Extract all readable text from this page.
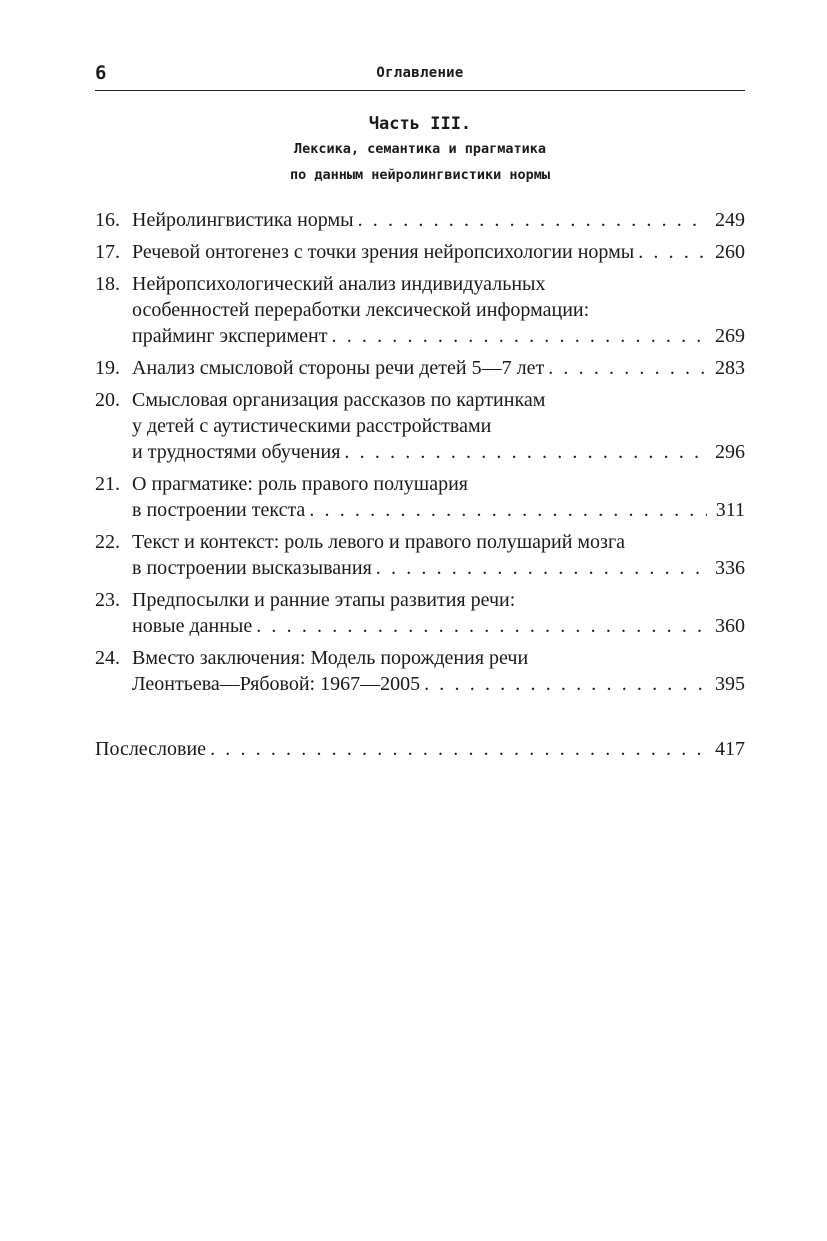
6	Оглавление
Часть III.
Лексика, семантика и прагматика
по данным нейролингвистики нормы
16. Нейролингвистика нормы . . .	249
17. Речевой онтогенез с точки зрения нейропсихологии нормы . . .	260
18. Нейропсихологический анализ индивидуальных
особенностей переработки лексической информации:
прайминг эксперимент . . .	269
19. Анализ смысловой стороны речи детей 5—7 лет . . .	283
20. Смысловая организация рассказов по картинкам
у детей с аутистическими расстройствами
и трудностями обучения . . .	296
21. О прагматике: роль правого полушария
в построении текста . . .	311
22. Текст и контекст: роль левого и правого полушарий мозга
в построении высказывания . . .	336
23. Предпосылки и ранние этапы развития речи:
новые данные . . .	360
24. Вместо заключения: Модель порождения речи
Леонтьева—Рябовой: 1967—2005 . . .	395
Послесловие . . .	417
